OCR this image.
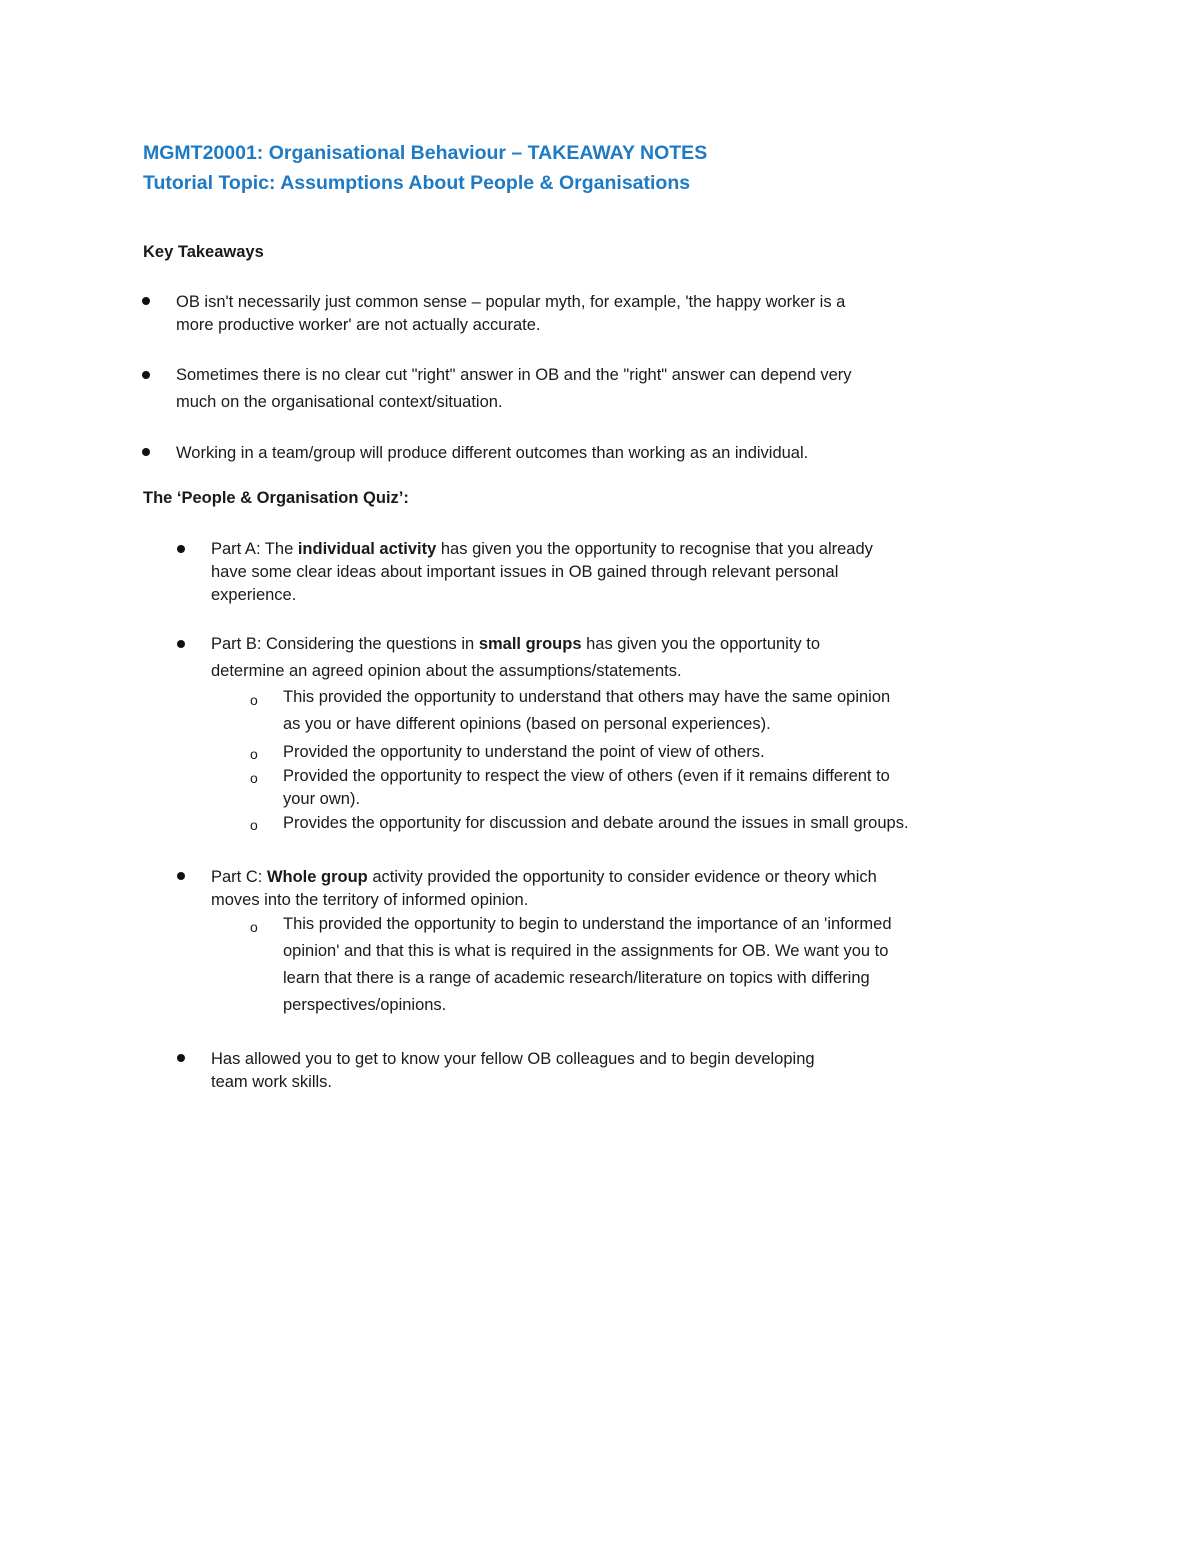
MGMT20001: Organisational Behaviour – TAKEAWAY NOTES
Tutorial Topic: Assumptions About People & Organisations
Key Takeaways
OB isn't necessarily just common sense – popular myth, for example, 'the happy worker is a
more productive worker' are not actually accurate.
Sometimes there is no clear cut "right" answer in OB and the "right" answer can depend very
much on the organisational context/situation.
Working in a team/group will produce different outcomes than working as an individual.
The ‘People & Organisation Quiz’:
Part A: The individual activity has given you the opportunity to recognise that you already
have some clear ideas about important issues in OB gained through relevant personal
experience.
Part B: Considering the questions in small groups has given you the opportunity to
determine an agreed opinion about the assumptions/statements.
o This provided the opportunity to understand that others may have the same opinion
as you or have different opinions (based on personal experiences).
o Provided the opportunity to understand the point of view of others.
o Provided the opportunity to respect the view of others (even if it remains different to
your own).
o Provides the opportunity for discussion and debate around the issues in small groups.
Part C: Whole group activity provided the opportunity to consider evidence or theory which
moves into the territory of informed opinion.
o This provided the opportunity to begin to understand the importance of an 'informed
opinion' and that this is what is required in the assignments for OB. We want you to
learn that there is a range of academic research/literature on topics with differing
perspectives/opinions.
Has allowed you to get to know your fellow OB colleagues and to begin developing
team work skills.
